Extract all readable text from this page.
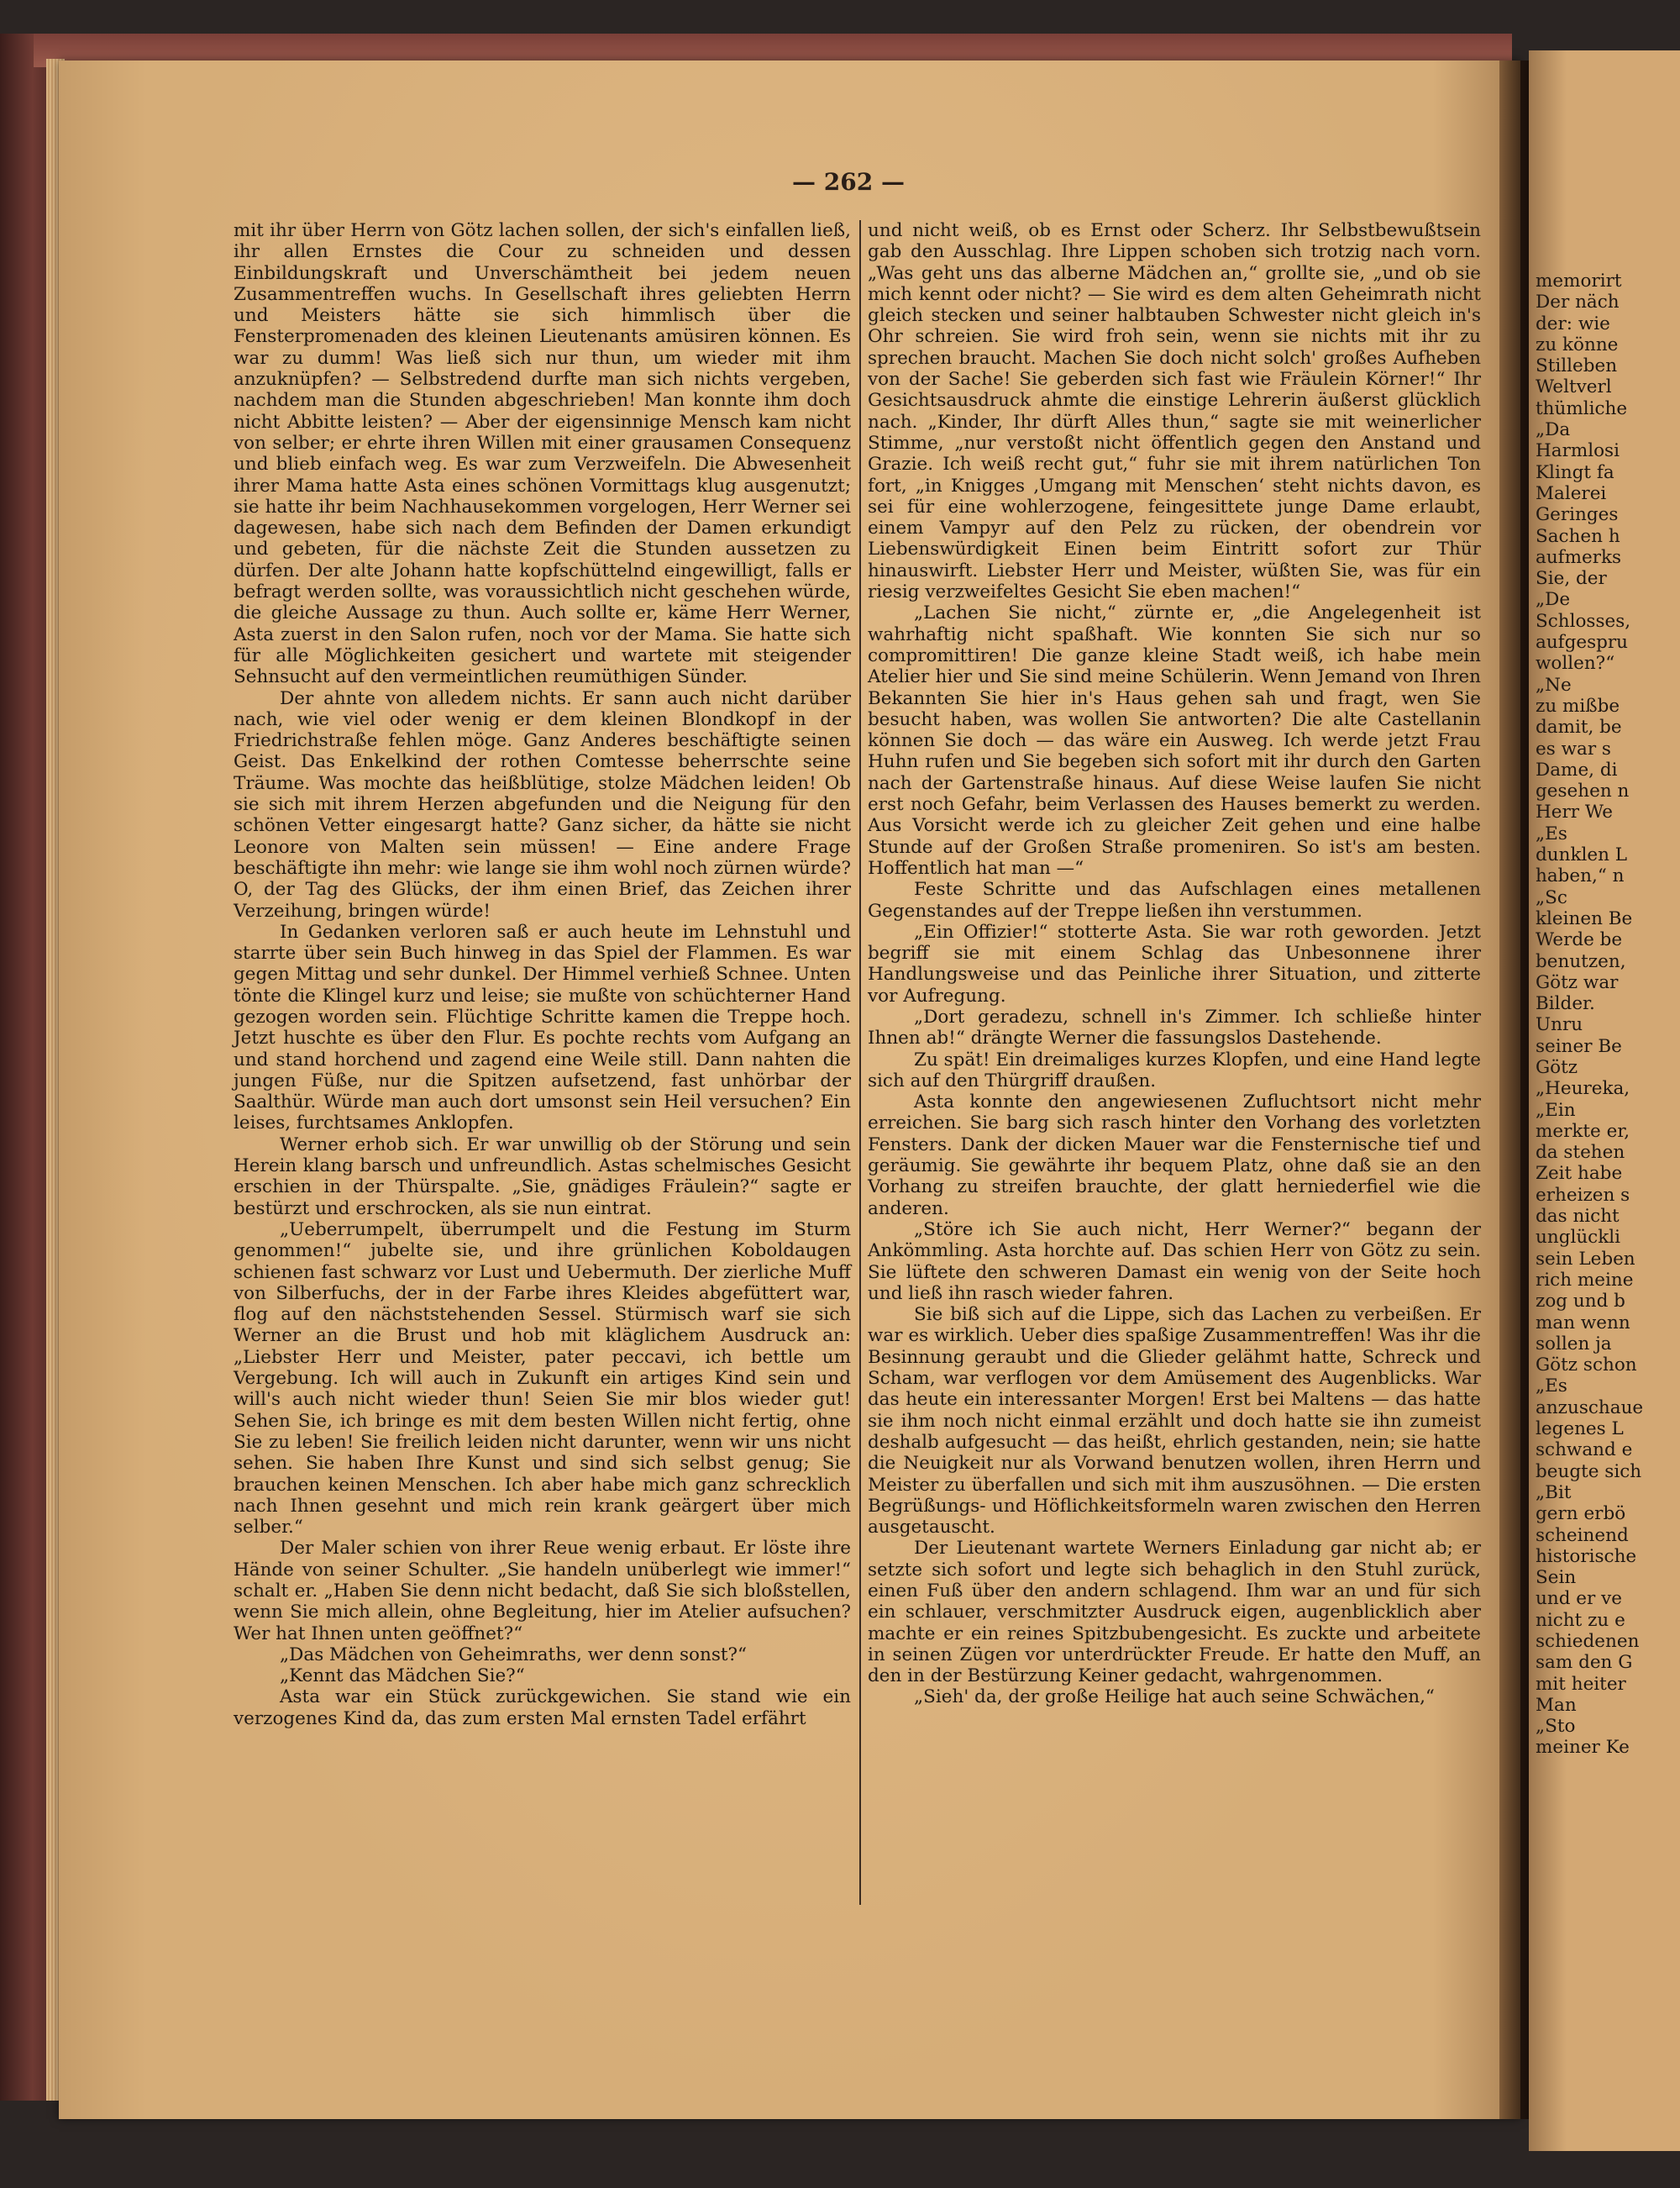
memorirt
Der näch
der: wie
zu könne
Stilleben
Weltverl
thümliche
„Da
Harmlosi
Klingt fa
Malerei
Geringes
Sachen h
aufmerks
Sie, der
„De
Schlosses,
aufgespru
wollen?“
„Ne
zu mißbe
damit, be
es war s
Dame, di
gesehen n
Herr We
„Es
dunklen L
haben,“ n
„Sc
kleinen Be
Werde be
benutzen,
Götz war
Bilder.
Unru
seiner Be
Götz
„Heureka,
„Ein
merkte er,
da stehen
Zeit habe
erheizen s
das nicht
unglückli
sein Leben
rich meine
zog und b
man wenn
sollen ja
Götz schon
„Es
anzuschaue
legenes L
schwand e
beugte sich
„Bit
gern erbö
scheinend
historische
Sein
und er ve
nicht zu e
schiedenen
sam den G
mit heiter
Man
„Sto
meiner Ke
— 262 —

mit ihr über Herrn von Götz lachen sollen, der sich's einfallen ließ, ihr allen Ernstes die Cour zu schneiden und dessen Einbildungskraft und Unverschämtheit bei jedem neuen Zusammentreffen wuchs. In Gesellschaft ihres geliebten Herrn und Meisters hätte sie sich himmlisch über die Fensterpromenaden des kleinen Lieutenants amüsiren können. Es war zu dumm! Was ließ sich nur thun, um wieder mit ihm anzuknüpfen? — Selbstredend durfte man sich nichts vergeben, nachdem man die Stunden abgeschrieben! Man konnte ihm doch nicht Abbitte leisten? — Aber der eigensinnige Mensch kam nicht von selber; er ehrte ihren Willen mit einer grausamen Consequenz und blieb einfach weg. Es war zum Verzweifeln. Die Abwesenheit ihrer Mama hatte Asta eines schönen Vormittags klug ausgenutzt; sie hatte ihr beim Nachhausekommen vorgelogen, Herr Werner sei dagewesen, habe sich nach dem Befinden der Damen erkundigt und gebeten, für die nächste Zeit die Stunden aussetzen zu dürfen. Der alte Johann hatte kopfschüttelnd eingewilligt, falls er befragt werden sollte, was voraussichtlich nicht geschehen würde, die gleiche Aussage zu thun. Auch sollte er, käme Herr Werner, Asta zuerst in den Salon rufen, noch vor der Mama. Sie hatte sich für alle Möglichkeiten gesichert und wartete mit steigender Sehnsucht auf den vermeintlichen reumüthigen Sünder.

Der ahnte von alledem nichts. Er sann auch nicht darüber nach, wie viel oder wenig er dem kleinen Blondkopf in der Friedrichstraße fehlen möge. Ganz Anderes beschäftigte seinen Geist. Das Enkelkind der rothen Comtesse beherrschte seine Träume. Was mochte das heißblütige, stolze Mädchen leiden! Ob sie sich mit ihrem Herzen abgefunden und die Neigung für den schönen Vetter eingesargt hatte? Ganz sicher, da hätte sie nicht Leonore von Malten sein müssen! — Eine andere Frage beschäftigte ihn mehr: wie lange sie ihm wohl noch zürnen würde? O, der Tag des Glücks, der ihm einen Brief, das Zeichen ihrer Verzeihung, bringen würde!

In Gedanken verloren saß er auch heute im Lehnstuhl und starrte über sein Buch hinweg in das Spiel der Flammen. Es war gegen Mittag und sehr dunkel. Der Himmel verhieß Schnee. Unten tönte die Klingel kurz und leise; sie mußte von schüchterner Hand gezogen worden sein. Flüchtige Schritte kamen die Treppe hoch. Jetzt huschte es über den Flur. Es pochte rechts vom Aufgang an und stand horchend und zagend eine Weile still. Dann nahten die jungen Füße, nur die Spitzen aufsetzend, fast unhörbar der Saalthür. Würde man auch dort umsonst sein Heil versuchen? Ein leises, furchtsames Anklopfen.

Werner erhob sich. Er war unwillig ob der Störung und sein Herein klang barsch und unfreundlich. Astas schelmisches Gesicht erschien in der Thürspalte. „Sie, gnädiges Fräulein?“ sagte er bestürzt und erschrocken, als sie nun eintrat.

„Ueberrumpelt, überrumpelt und die Festung im Sturm genommen!“ jubelte sie, und ihre grünlichen Koboldaugen schienen fast schwarz vor Lust und Uebermuth. Der zierliche Muff von Silberfuchs, der in der Farbe ihres Kleides abgefüttert war, flog auf den nächststehenden Sessel. Stürmisch warf sie sich Werner an die Brust und hob mit kläglichem Ausdruck an: „Liebster Herr und Meister, pater peccavi, ich bettle um Vergebung. Ich will auch in Zukunft ein artiges Kind sein und will's auch nicht wieder thun! Seien Sie mir blos wieder gut! Sehen Sie, ich bringe es mit dem besten Willen nicht fertig, ohne Sie zu leben! Sie freilich leiden nicht darunter, wenn wir uns nicht sehen. Sie haben Ihre Kunst und sind sich selbst genug; Sie brauchen keinen Menschen. Ich aber habe mich ganz schrecklich nach Ihnen gesehnt und mich rein krank geärgert über mich selber.“

Der Maler schien von ihrer Reue wenig erbaut. Er löste ihre Hände von seiner Schulter. „Sie handeln unüberlegt wie immer!“ schalt er. „Haben Sie denn nicht bedacht, daß Sie sich bloßstellen, wenn Sie mich allein, ohne Begleitung, hier im Atelier aufsuchen? Wer hat Ihnen unten geöffnet?“

„Das Mädchen von Geheimraths, wer denn sonst?“

„Kennt das Mädchen Sie?“

Asta war ein Stück zurückgewichen. Sie stand wie ein verzogenes Kind da, das zum ersten Mal ernsten Tadel erfährt

und nicht weiß, ob es Ernst oder Scherz. Ihr Selbstbewußtsein gab den Ausschlag. Ihre Lippen schoben sich trotzig nach vorn. „Was geht uns das alberne Mädchen an,“ grollte sie, „und ob sie mich kennt oder nicht? — Sie wird es dem alten Geheimrath nicht gleich stecken und seiner halbtauben Schwester nicht gleich in's Ohr schreien. Sie wird froh sein, wenn sie nichts mit ihr zu sprechen braucht. Machen Sie doch nicht solch' großes Aufheben von der Sache! Sie geberden sich fast wie Fräulein Körner!“ Ihr Gesichtsausdruck ahmte die einstige Lehrerin äußerst glücklich nach. „Kinder, Ihr dürft Alles thun,“ sagte sie mit weinerlicher Stimme, „nur verstoßt nicht öffentlich gegen den Anstand und Grazie. Ich weiß recht gut,“ fuhr sie mit ihrem natürlichen Ton fort, „in Knigges ‚Umgang mit Menschen‘ steht nichts davon, es sei für eine wohlerzogene, feingesittete junge Dame erlaubt, einem Vampyr auf den Pelz zu rücken, der obendrein vor Liebenswürdigkeit Einen beim Eintritt sofort zur Thür hinauswirft. Liebster Herr und Meister, wüßten Sie, was für ein riesig verzweifeltes Gesicht Sie eben machen!“

„Lachen Sie nicht,“ zürnte er, „die Angelegenheit ist wahrhaftig nicht spaßhaft. Wie konnten Sie sich nur so compromittiren! Die ganze kleine Stadt weiß, ich habe mein Atelier hier und Sie sind meine Schülerin. Wenn Jemand von Ihren Bekannten Sie hier in's Haus gehen sah und fragt, wen Sie besucht haben, was wollen Sie antworten? Die alte Castellanin können Sie doch — das wäre ein Ausweg. Ich werde jetzt Frau Huhn rufen und Sie begeben sich sofort mit ihr durch den Garten nach der Gartenstraße hinaus. Auf diese Weise laufen Sie nicht erst noch Gefahr, beim Verlassen des Hauses bemerkt zu werden. Aus Vorsicht werde ich zu gleicher Zeit gehen und eine halbe Stunde auf der Großen Straße promeniren. So ist's am besten. Hoffentlich hat man —“

Feste Schritte und das Aufschlagen eines metallenen Gegenstandes auf der Treppe ließen ihn verstummen.

„Ein Offizier!“ stotterte Asta. Sie war roth geworden. Jetzt begriff sie mit einem Schlag das Unbesonnene ihrer Handlungsweise und das Peinliche ihrer Situation, und zitterte vor Aufregung.

„Dort geradezu, schnell in's Zimmer. Ich schließe hinter Ihnen ab!“ drängte Werner die fassungslos Dastehende.

Zu spät! Ein dreimaliges kurzes Klopfen, und eine Hand legte sich auf den Thürgriff draußen.

Asta konnte den angewiesenen Zufluchtsort nicht mehr erreichen. Sie barg sich rasch hinter den Vorhang des vorletzten Fensters. Dank der dicken Mauer war die Fensternische tief und geräumig. Sie gewährte ihr bequem Platz, ohne daß sie an den Vorhang zu streifen brauchte, der glatt herniederfiel wie die anderen.

„Störe ich Sie auch nicht, Herr Werner?“ begann der Ankömmling. Asta horchte auf. Das schien Herr von Götz zu sein. Sie lüftete den schweren Damast ein wenig von der Seite hoch und ließ ihn rasch wieder fahren.

Sie biß sich auf die Lippe, sich das Lachen zu verbeißen. Er war es wirklich. Ueber dies spaßige Zusammentreffen! Was ihr die Besinnung geraubt und die Glieder gelähmt hatte, Schreck und Scham, war verflogen vor dem Amüsement des Augenblicks. War das heute ein interessanter Morgen! Erst bei Maltens — das hatte sie ihm noch nicht einmal erzählt und doch hatte sie ihn zumeist deshalb aufgesucht — das heißt, ehrlich gestanden, nein; sie hatte die Neuigkeit nur als Vorwand benutzen wollen, ihren Herrn und Meister zu überfallen und sich mit ihm auszusöhnen. — Die ersten Begrüßungs- und Höflichkeitsformeln waren zwischen den Herren ausgetauscht.

Der Lieutenant wartete Werners Einladung gar nicht ab; er setzte sich sofort und legte sich behaglich in den Stuhl zurück, einen Fuß über den andern schlagend. Ihm war an und für sich ein schlauer, verschmitzter Ausdruck eigen, augenblicklich aber machte er ein reines Spitzbubengesicht. Es zuckte und arbeitete in seinen Zügen vor unterdrückter Freude. Er hatte den Muff, an den in der Bestürzung Keiner gedacht, wahrgenommen.

„Sieh' da, der große Heilige hat auch seine Schwächen,“
